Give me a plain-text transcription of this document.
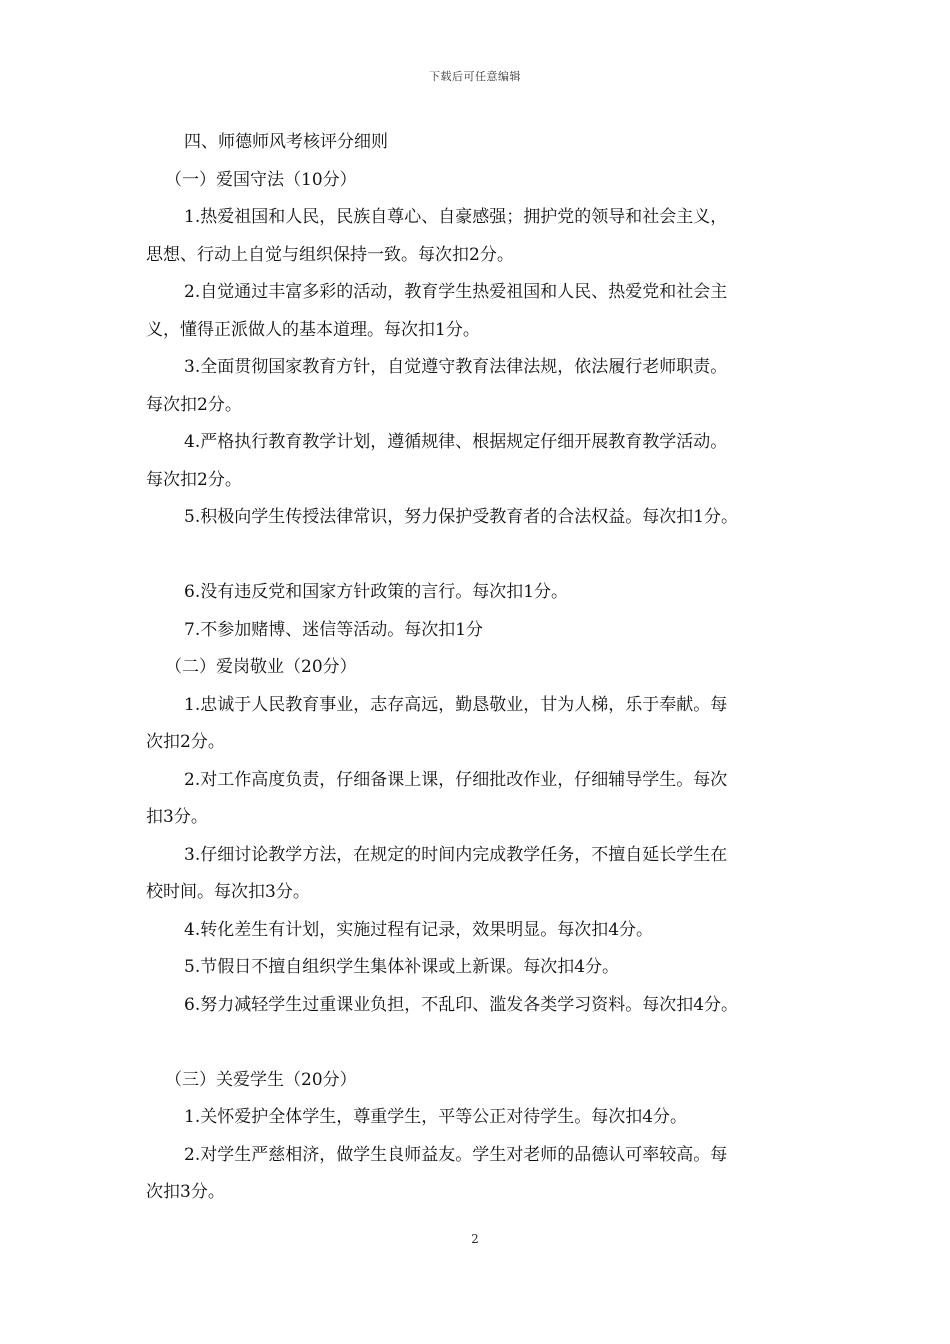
下载后可任意编辑
四、师德师风考核评分细则
（一）爱国守法（10分）
1.热爱祖国和人民，民族自尊心、自豪感强；拥护党的领导和社会主义，
思想、行动上自觉与组织保持一致。每次扣2分。
2.自觉通过丰富多彩的活动，教育学生热爱祖国和人民、热爱党和社会主
义，懂得正派做人的基本道理。每次扣1分。
3.全面贯彻国家教育方针，自觉遵守教育法律法规，依法履行老师职责。
每次扣2分。
4.严格执行教育教学计划，遵循规律、根据规定仔细开展教育教学活动。
每次扣2分。
5.积极向学生传授法律常识，努力保护受教育者的合法权益。每次扣1分。
6.没有违反党和国家方针政策的言行。每次扣1分。
7.不参加赌博、迷信等活动。每次扣1分
（二）爱岗敬业（20分）
1.忠诚于人民教育事业，志存高远，勤恳敬业，甘为人梯，乐于奉献。每
次扣2分。
2.对工作高度负责，仔细备课上课，仔细批改作业，仔细辅导学生。每次
扣3分。
3.仔细讨论教学方法，在规定的时间内完成教学任务，不擅自延长学生在
校时间。每次扣3分。
4.转化差生有计划，实施过程有记录，效果明显。每次扣4分。
5.节假日不擅自组织学生集体补课或上新课。每次扣4分。
6.努力减轻学生过重课业负担，不乱印、滥发各类学习资料。每次扣4分。
（三）关爱学生（20分）
1.关怀爱护全体学生，尊重学生，平等公正对待学生。每次扣4分。
2.对学生严慈相济，做学生良师益友。学生对老师的品德认可率较高。每
次扣3分。
2
